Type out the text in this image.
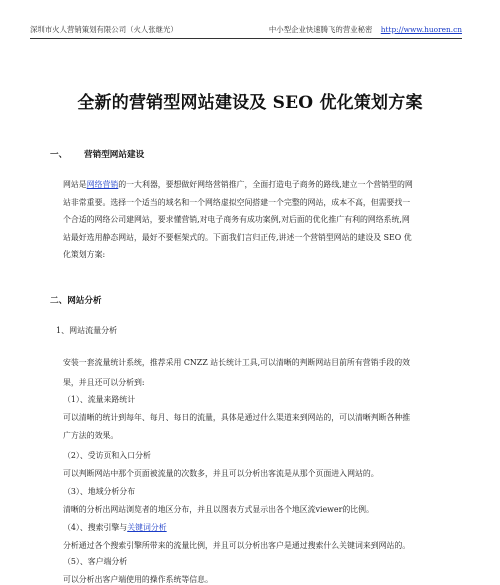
深圳市火人营销策划有限公司（火人张继光）	中小型企业快速腾飞的营业秘密 http://www.huoren.cn
全新的营销型网站建设及 SEO 优化策划方案
一、 营销型网站建设
网站是网络营销的一大利器，要想做好网络营销推广，全面打造电子商务的路线,建立一个营销型的网
站非常重要。选择一个适当的域名和一个网络虚拟空间搭建一个完整的网站，成本不高，但需要找一
个合适的网络公司建网站，要求懂营销,对电子商务有成功案例,对后面的优化推广有利的网络系统,网
站最好选用静态网站，最好不要框架式的。下面我们言归正传,讲述一个营销型网站的建设及 SEO 优
化策划方案:
二、网站分析
1、网站流量分析
安装一套流量统计系统，推荐采用 CNZZ 站长统计工具,可以清晰的判断网站目前所有营销手段的效
果，并且还可以分析到:
（1）、流量来路统计
可以清晰的统计到每年、每月、每日的流量，具体是通过什么渠道来到网站的，可以清晰判断各种推
广方法的效果。
（2）、受访页和入口分析
可以判断网站中那个页面被流量的次数多，并且可以分析出客流是从那个页面进入网站的。
（3）、地域分析分布
清晰的分析出网站浏览者的地区分布，并且以图表方式显示出各个地区流viewer的比例。
（4）、搜索引擎与关键词分析
分析通过各个搜索引擎所带来的流量比例，并且可以分析出客户是通过搜索什么关键词来到网站的。
（5）、客户端分析
可以分析出客户端使用的操作系统等信息。
